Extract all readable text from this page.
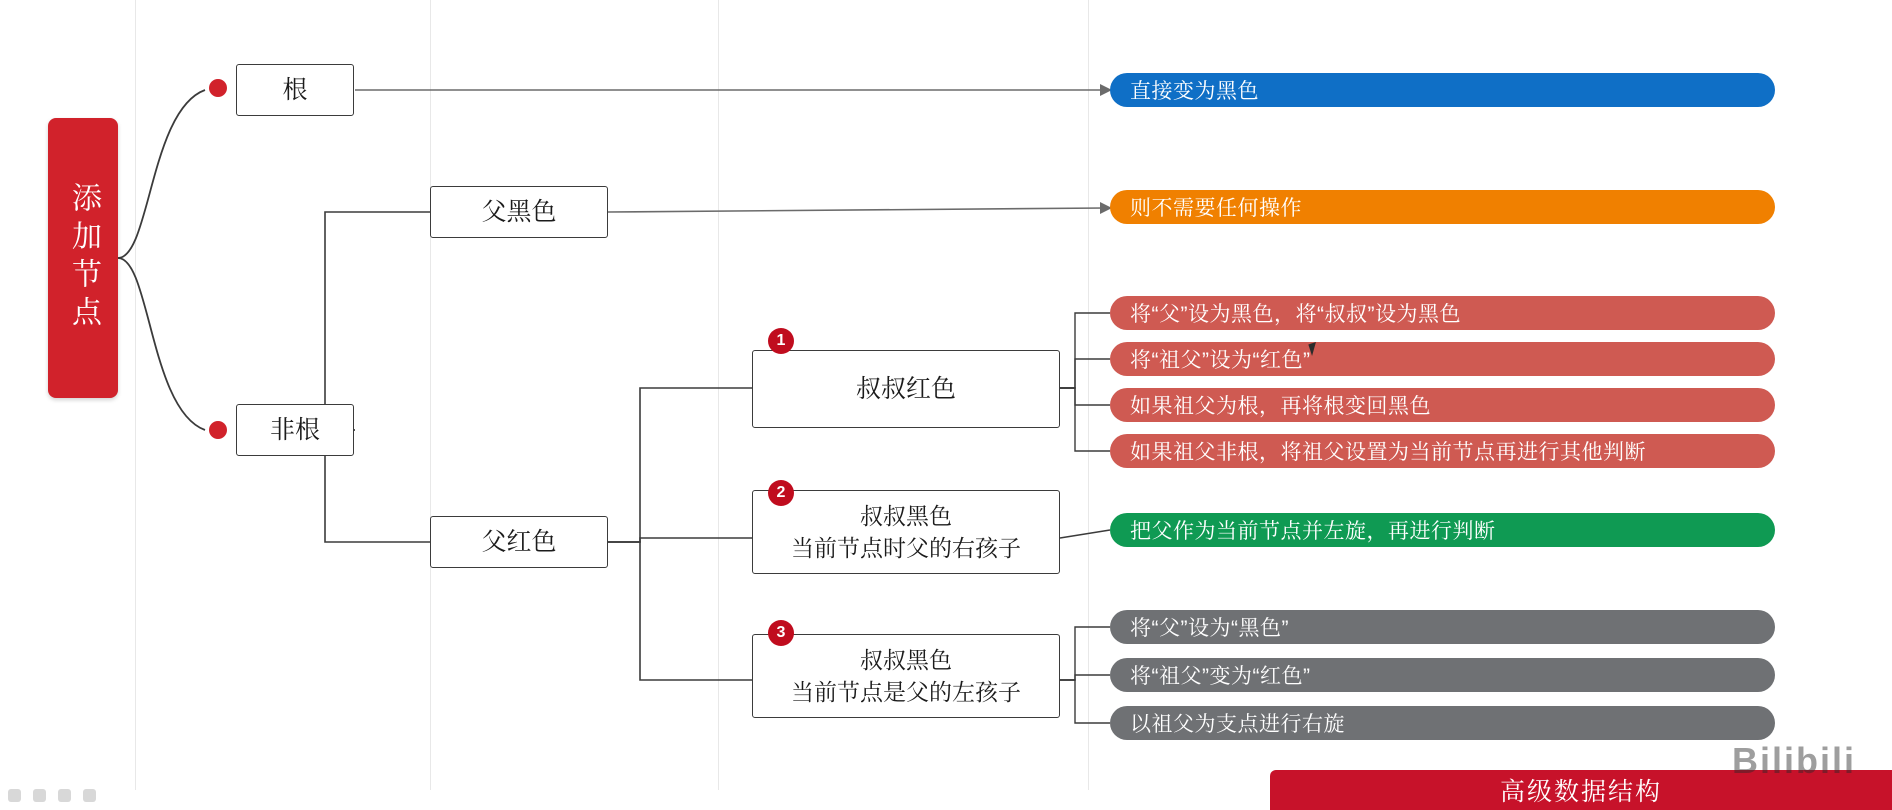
添加节点
根
非根
父黑色
父红色
叔叔红色
1
叔叔黑色
当前节点时父的右孩子
2
叔叔黑色
当前节点是父的左孩子
3
直接变为黑色
则不需要任何操作
将“父”设为黑色，将“叔叔”设为黑色
将“祖父”设为“红色”
如果祖父为根，再将根变回黑色
如果祖父非根，将祖父设置为当前节点再进行其他判断
把父作为当前节点并左旋，再进行判断
将“父”设为“黑色”
将“祖父”变为“红色”
以祖父为支点进行右旋
高级数据结构
Bilibili
